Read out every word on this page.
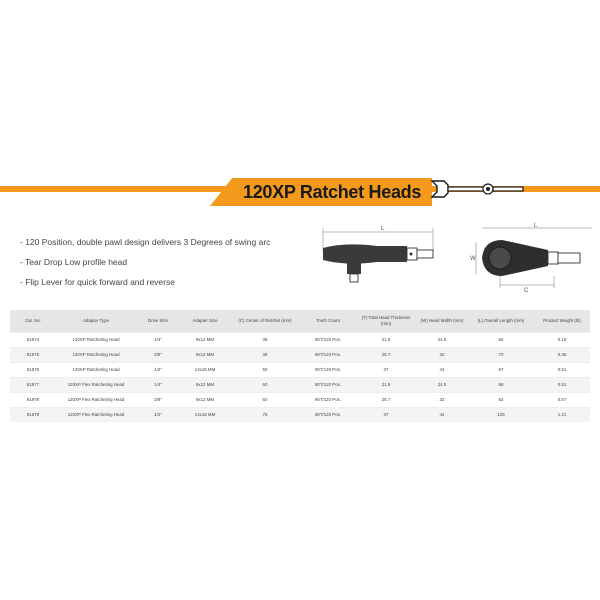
120XP Ratchet Heads
- 120 Position, double pawl design delivers 3 Degrees of swing arc
- Tear Drop Low profile head
- Flip Lever for quick forward and reverse
L	L
W
C
Cat. No.	Adapter Type	Drive Size	Adapter Size	(C) Center of Ratchet (mm)	Tooth Count	(T) Total Head Thickness (mm)	(W) Head Width (mm)	(L) Overall Length (mm)	Product Weight (lb)
81974	120XP Ratcheting Head	1/4"	9x12 MM	38	90T/120 Pos.	21.9	24.5	56	0.19
81975	120XP Ratcheting Head	3/8"	9x12 MM	38	90T/120 Pos.	26.7	32	70	0.35
81976	120XP Ratcheting Head	1/2"	14x18 MM	50	90T/120 Pos.	37	44	97	0.51
81977	120XP Flex Ratcheting Head	1/4"	9x12 MM	60	90T/120 Pos.	21.9	24.5	68	0.51
81978	120XP Flex Ratcheting Head	3/8"	9x12 MM	60	90T/120 Pos.	26.7	32	92	0.67
81979	120XP Flex Ratcheting Head	1/2"	14x18 MM	75	90T/120 Pos.	37	44	125	1.21
